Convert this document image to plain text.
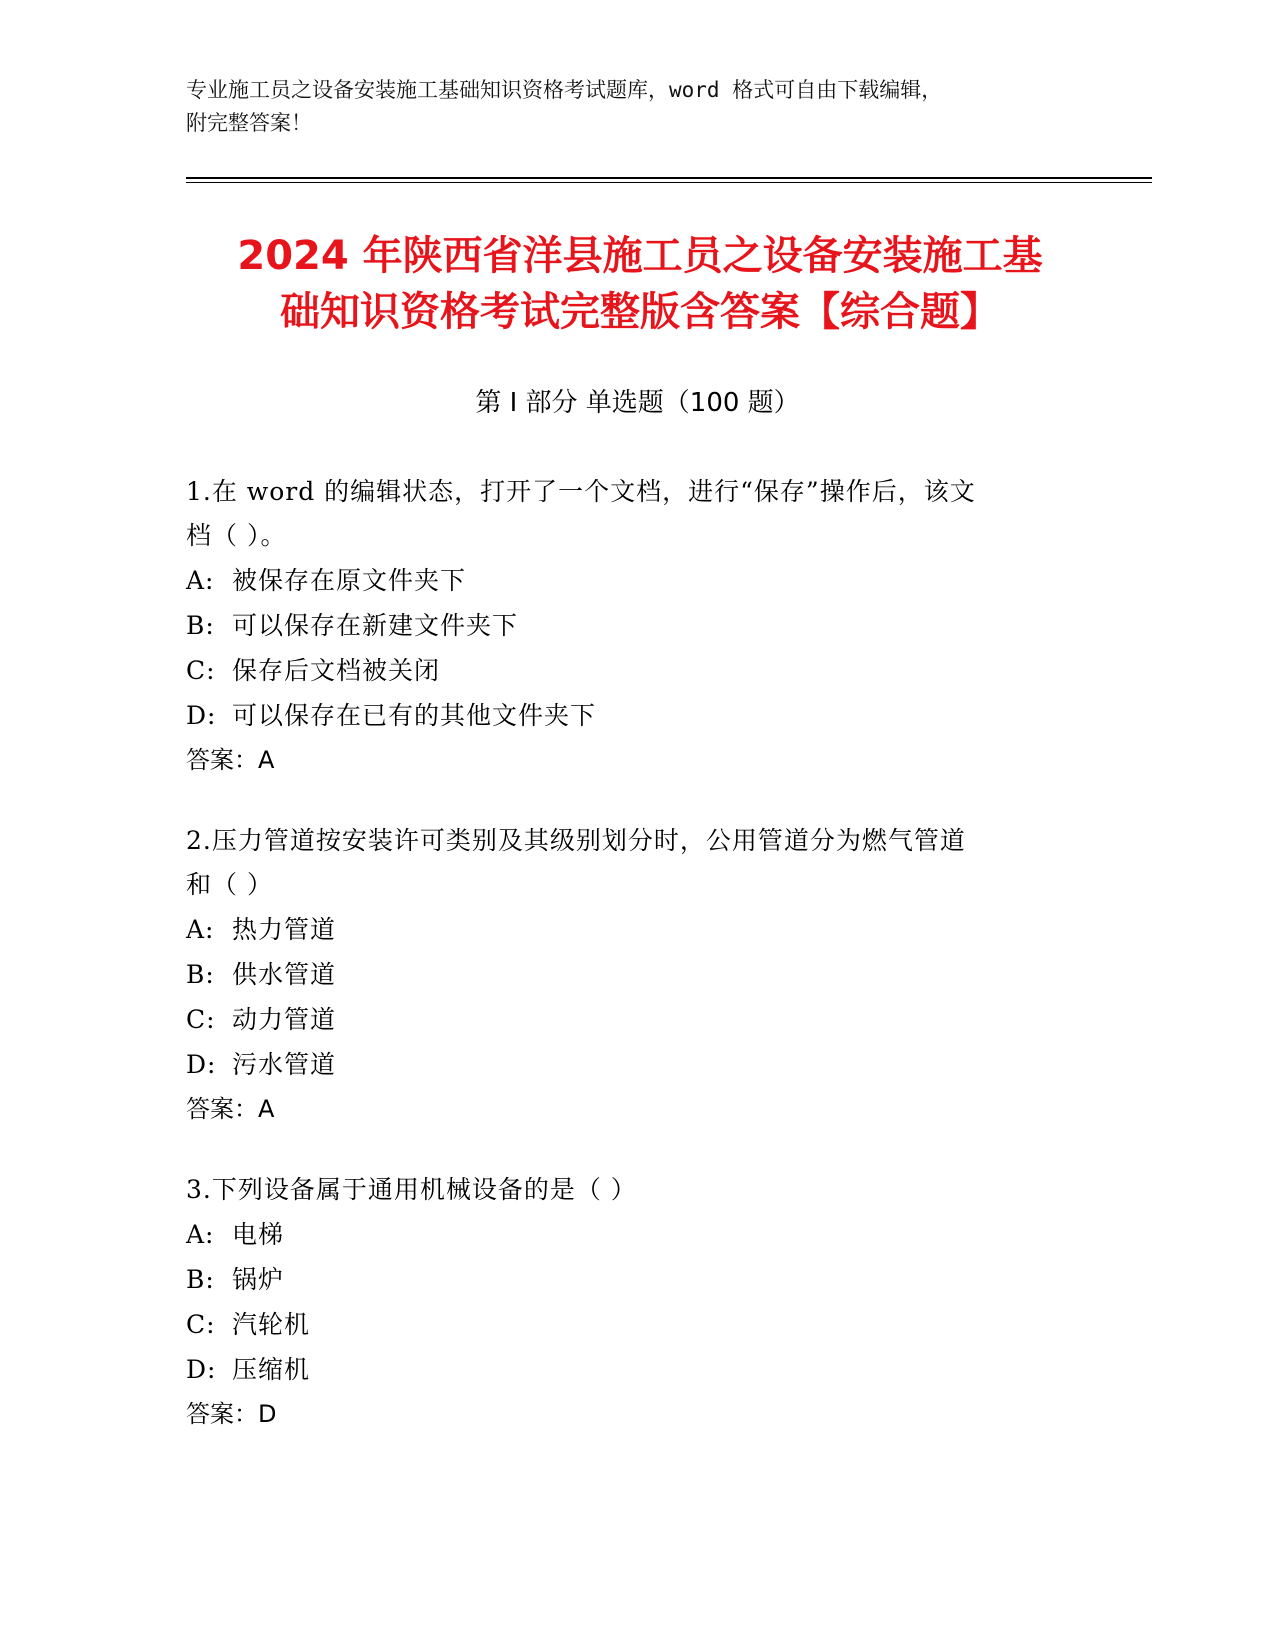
专业施工员之设备安装施工基础知识资格考试题库，word 格式可自由下载编辑，
附完整答案！
2024 年陕西省洋县施工员之设备安装施工基
础知识资格考试完整版含答案【综合题】
第 I 部分 单选题（100 题）
1.在 word 的编辑状态，打开了一个文档，进行“保存”操作后，该文
档（ ）。
A: 被保存在原文件夹下
B: 可以保存在新建文件夹下
C: 保存后文档被关闭
D: 可以保存在已有的其他文件夹下
答案：A
2.压力管道按安装许可类别及其级别划分时，公用管道分为燃气管道
和（ ）
A: 热力管道
B: 供水管道
C: 动力管道
D: 污水管道
答案：A
3.下列设备属于通用机械设备的是（ ）
A: 电梯
B: 锅炉
C: 汽轮机
D: 压缩机
答案：D
